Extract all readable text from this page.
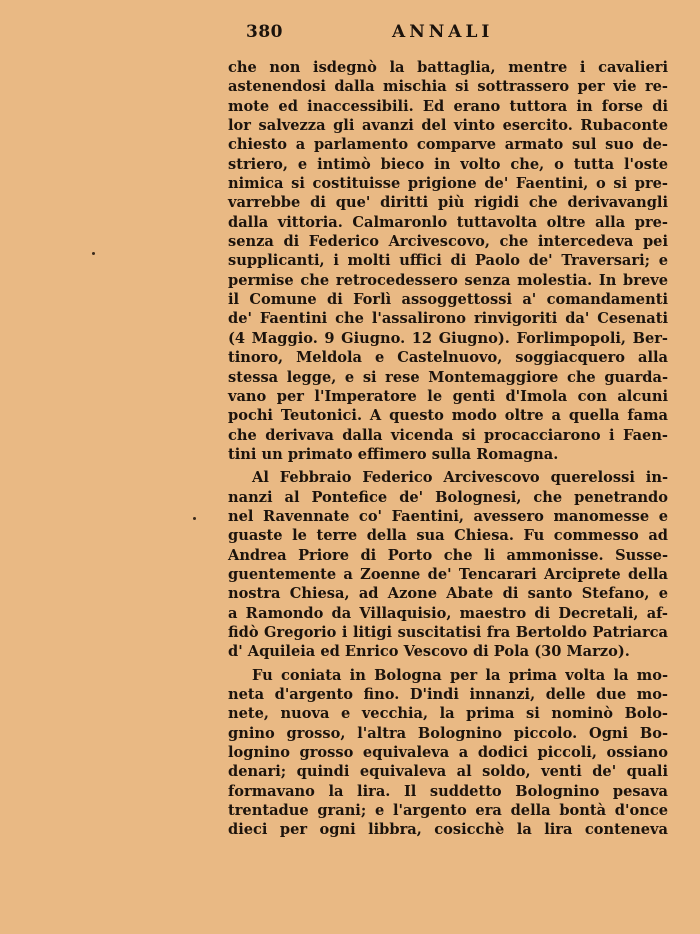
380	ANNALI
che non isdegnò la battaglia, mentre i cavalieri
astenendosi dalla mischia si sottrassero per vie re-
mote ed inaccessibili. Ed erano tuttora in forse di
lor salvezza gli avanzi del vinto esercito. Rubaconte
chiesto a parlamento comparve armato sul suo de-
striero, e intimò bieco in volto che, o tutta l'oste
nimica si costituisse prigione de' Faentini, o si pre-
varrebbe di que' diritti più rigidi che derivavangli
dalla vittoria. Calmaronlo tuttavolta oltre alla pre-
senza di Federico Arcivescovo, che intercedeva pei
supplicanti, i molti uffici di Paolo de' Traversari; e
permise che retrocedessero senza molestia. In breve
il Comune di Forlì assoggettossi a' comandamenti
de' Faentini che l'assalirono rinvigoriti da' Cesenati
(4 Maggio. 9 Giugno. 12 Giugno). Forlimpopoli, Ber-
tinoro, Meldola e Castelnuovo, soggiacquero alla
stessa legge, e si rese Montemaggiore che guarda-
vano per l'Imperatore le genti d'Imola con alcuni
pochi Teutonici. A questo modo oltre a quella fama
che derivava dalla vicenda si procacciarono i Faen-
tini un primato effimero sulla Romagna.
Al Febbraio Federico Arcivescovo querelossi in-
nanzi al Pontefice de' Bolognesi, che penetrando
nel Ravennate co' Faentini, avessero manomesse e
guaste le terre della sua Chiesa. Fu commesso ad
Andrea Priore di Porto che li ammonisse. Susse-
guentemente a Zoenne de' Tencarari Arciprete della
nostra Chiesa, ad Azone Abate di santo Stefano, e
a Ramondo da Villaquisio, maestro di Decretali, af-
fidò Gregorio i litigi suscitatisi fra Bertoldo Patriarca
d' Aquileia ed Enrico Vescovo di Pola (30 Marzo).
Fu coniata in Bologna per la prima volta la mo-
neta d'argento fino. D'indi innanzi, delle due mo-
nete, nuova e vecchia, la prima si nominò Bolo-
gnino grosso, l'altra Bolognino piccolo. Ogni Bo-
lognino grosso equivaleva a dodici piccoli, ossiano
denari; quindi equivaleva al soldo, venti de' quali
formavano la lira. Il suddetto Bolognino pesava
trentadue grani; e l'argento era della bontà d'once
dieci per ogni libbra, cosicchè la lira conteneva
